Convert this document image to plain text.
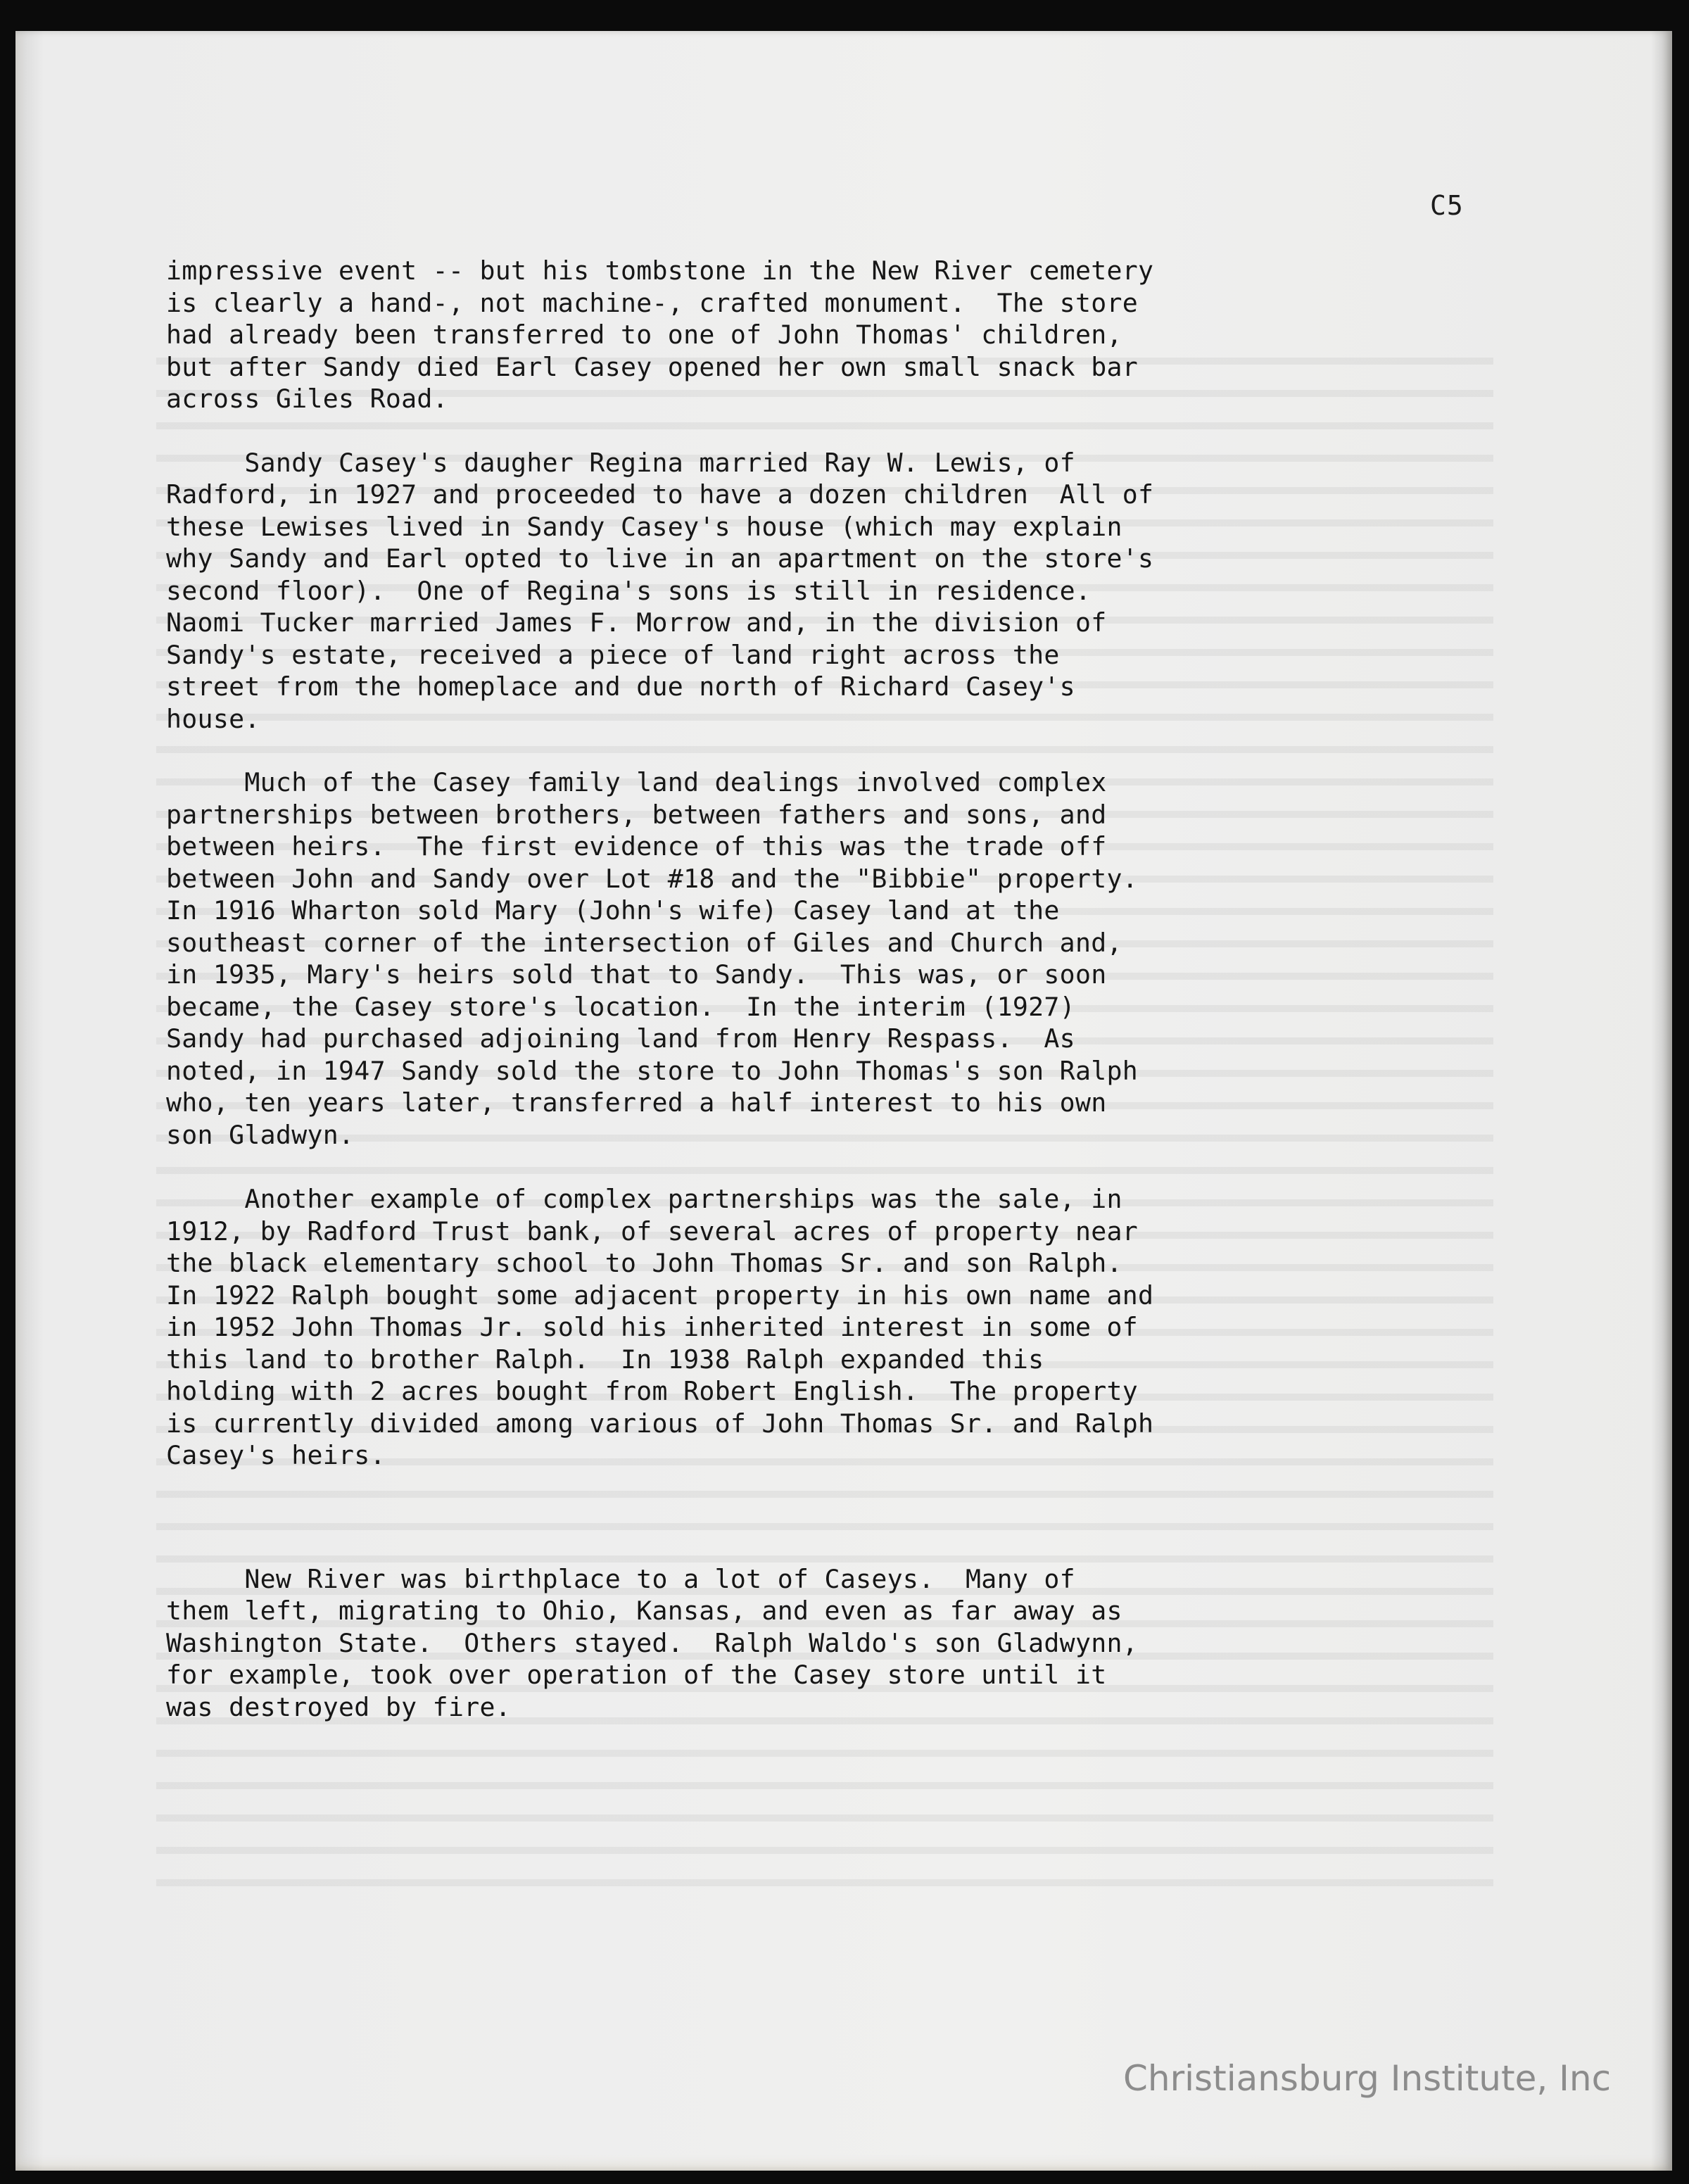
C5

impressive event -- but his tombstone in the New River cemetery
is clearly a hand-, not machine-, crafted monument.  The store
had already been transferred to one of John Thomas' children,
but after Sandy died Earl Casey opened her own small snack bar
across Giles Road.

Sandy Casey's daugher Regina married Ray W. Lewis, of
Radford, in 1927 and proceeded to have a dozen children  All of
these Lewises lived in Sandy Casey's house (which may explain
why Sandy and Earl opted to live in an apartment on the store's
second floor).  One of Regina's sons is still in residence.
Naomi Tucker married James F. Morrow and, in the division of
Sandy's estate, received a piece of land right across the
street from the homeplace and due north of Richard Casey's
house.

Much of the Casey family land dealings involved complex
partnerships between brothers, between fathers and sons, and
between heirs.  The first evidence of this was the trade off
between John and Sandy over Lot #18 and the "Bibbie" property.
In 1916 Wharton sold Mary (John's wife) Casey land at the
southeast corner of the intersection of Giles and Church and,
in 1935, Mary's heirs sold that to Sandy.  This was, or soon
became, the Casey store's location.  In the interim (1927)
Sandy had purchased adjoining land from Henry Respass.  As
noted, in 1947 Sandy sold the store to John Thomas's son Ralph
who, ten years later, transferred a half interest to his own
son Gladwyn.

Another example of complex partnerships was the sale, in
1912, by Radford Trust bank, of several acres of property near
the black elementary school to John Thomas Sr. and son Ralph.
In 1922 Ralph bought some adjacent property in his own name and
in 1952 John Thomas Jr. sold his inherited interest in some of
this land to brother Ralph.  In 1938 Ralph expanded this
holding with 2 acres bought from Robert English.  The property
is currently divided among various of John Thomas Sr. and Ralph
Casey's heirs.

New River was birthplace to a lot of Caseys.  Many of
them left, migrating to Ohio, Kansas, and even as far away as
Washington State.  Others stayed.  Ralph Waldo's son Gladwynn,
for example, took over operation of the Casey store until it
was destroyed by fire.

Christiansburg Institute, Inc
